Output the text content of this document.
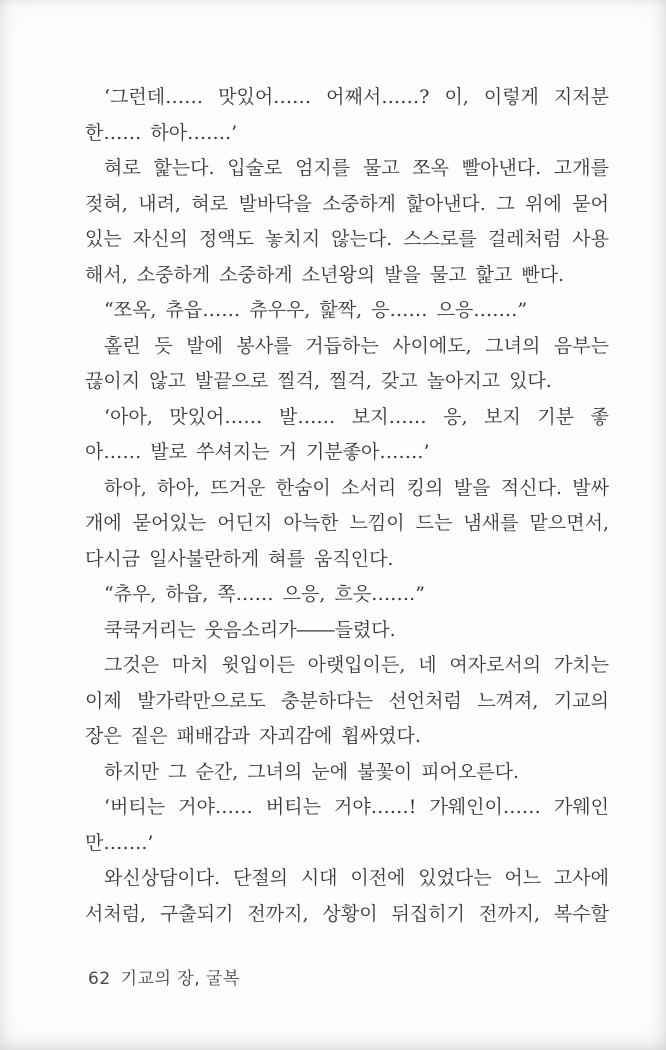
‘그런데…… 맛있어…… 어째서……? 이, 이렇게 지저분
한…… 하아…….’
혀로 핥는다. 입술로 엄지를 물고 쪼옥 빨아낸다. 고개를
젖혀, 내려, 혀로 발바닥을 소중하게 핥아낸다. 그 위에 묻어
있는 자신의 정액도 놓치지 않는다. 스스로를 걸레처럼 사용
해서, 소중하게 소중하게 소년왕의 발을 물고 핥고 빤다.
“쪼옥, 츄읍…… 츄우우, 핥짝, 응…… 으응…….”
홀린 듯 발에 봉사를 거듭하는 사이에도, 그녀의 음부는
끊이지 않고 발끝으로 찔걱, 찔걱, 갖고 놀아지고 있다.
‘아아, 맛있어…… 발…… 보지…… 응, 보지 기분 좋
아…… 발로 쑤셔지는 거 기분좋아…….’
하아, 하아, 뜨거운 한숨이 소서리 킹의 발을 적신다. 발싸
개에 묻어있는 어딘지 아늑한 느낌이 드는 냄새를 맡으면서,
다시금 일사불란하게 혀를 움직인다.
“츄우, 하읍, 쪽…… 으응, 흐읏…….”
쿡쿡거리는 웃음소리가――들렸다.
그것은 마치 윗입이든 아랫입이든, 네 여자로서의 가치는
이제 발가락만으로도 충분하다는 선언처럼 느껴져, 기교의
장은 짙은 패배감과 자괴감에 휩싸였다.
하지만 그 순간, 그녀의 눈에 불꽃이 피어오른다.
‘버티는 거야…… 버티는 거야……! 가웨인이…… 가웨인
만…….’
와신상담이다. 단절의 시대 이전에 있었다는 어느 고사에
서처럼, 구출되기 전까지, 상황이 뒤집히기 전까지, 복수할
62 기교의 장, 굴복
